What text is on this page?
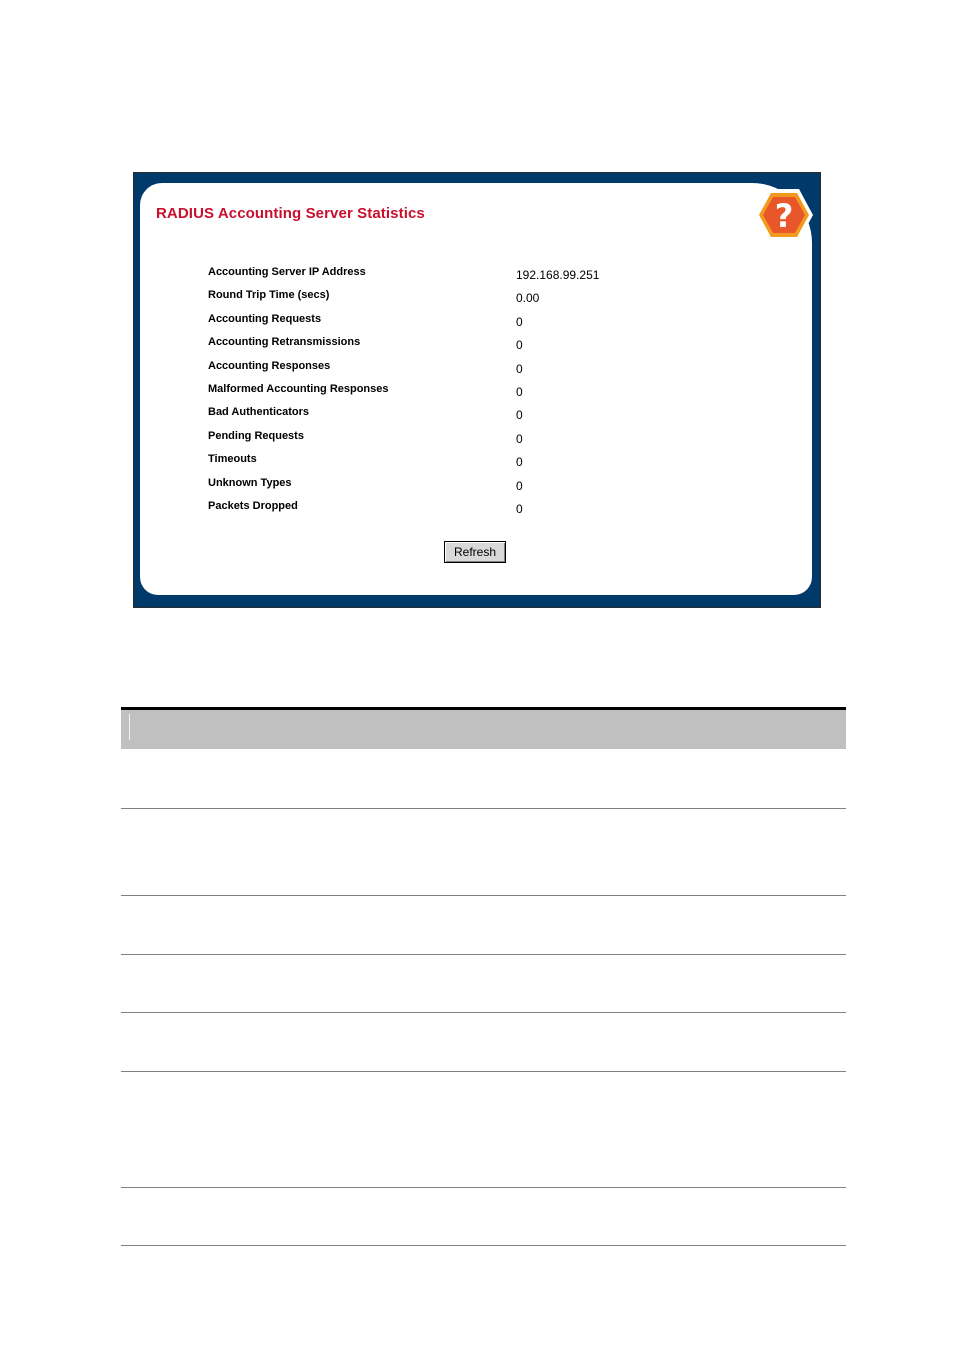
RADIUS Accounting Server Statistics	?
Accounting Server IP Address	192.168.99.251
Round Trip Time (secs)	0.00
Accounting Requests	0
Accounting Retransmissions	0
Accounting Responses	0
Malformed Accounting Responses	0
Bad Authenticators	0
Pending Requests	0
Timeouts	0
Unknown Types	0
Packets Dropped	0
Refresh
